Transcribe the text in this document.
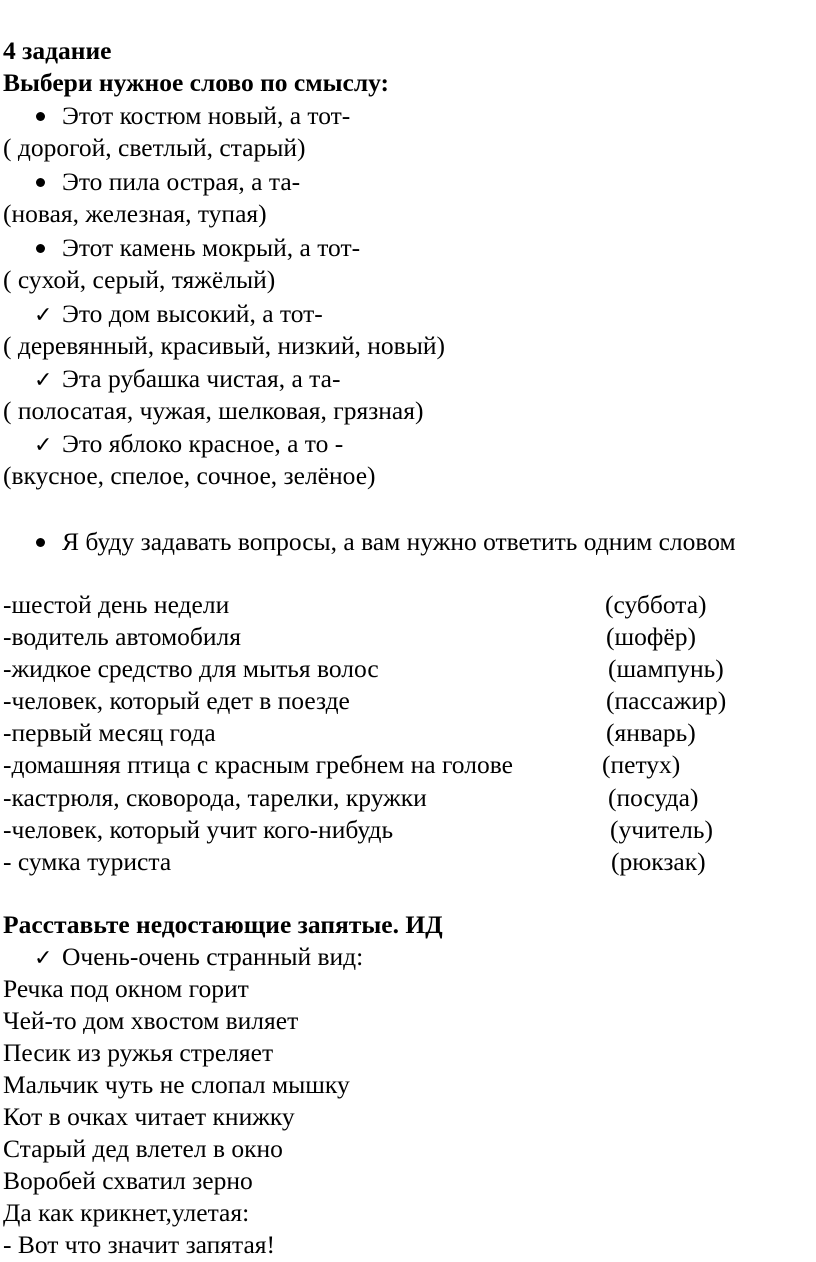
4 задание
Выбери нужное слово по смыслу:
Этот костюм новый, а тот-
( дорогой, светлый, старый)
Это пила острая, а та-
(новая, железная, тупая)
Этот камень мокрый, а тот-
( сухой, серый, тяжёлый)
✓ Это дом высокий, а тот-
( деревянный, красивый, низкий, новый)
✓ Эта рубашка чистая, а та-
( полосатая, чужая, шелковая, грязная)
✓ Это яблоко красное, а то -
(вкусное, спелое, сочное, зелёное)
Я буду задавать вопросы, а вам нужно ответить одним словом
-шестой день недели	(суббота)
-водитель автомобиля	(шофёр)
-жидкое средство для мытья волос	(шампунь)
-человек, который едет в поезде	(пассажир)
-первый месяц года	(январь)
-домашняя птица с красным гребнем на голове	(петух)
-кастрюля, сковорода, тарелки, кружки	(посуда)
-человек, который учит кого-нибудь	(учитель)
- сумка туриста	(рюкзак)
Расставьте недостающие запятые. ИД
✓ Очень-очень странный вид:
Речка под окном горит
Чей-то дом хвостом виляет
Песик из ружья стреляет
Мальчик чуть не слопал мышку
Кот в очках читает книжку
Старый дед влетел в окно
Воробей схватил зерно
Да как крикнет,улетая:
- Вот что значит запятая!
